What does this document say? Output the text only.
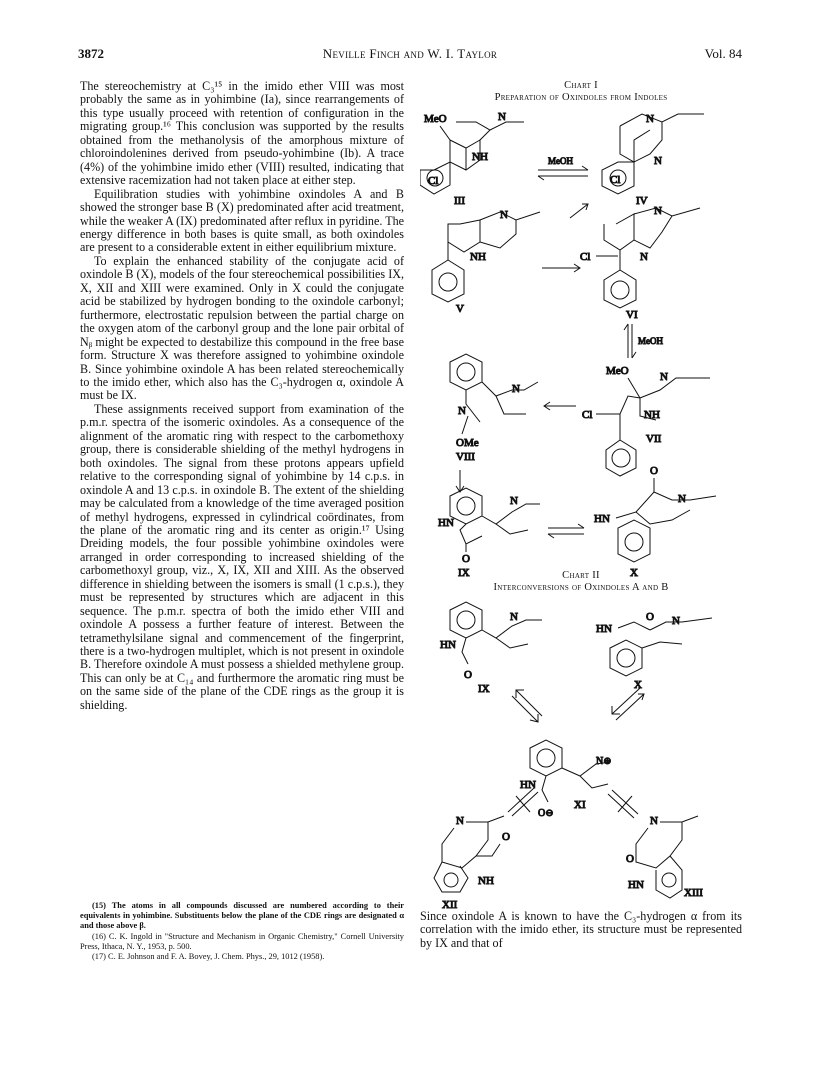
3872	Neville Finch and W. I. Taylor	Vol. 84

The stereochemistry at C₃¹⁵ in the imido ether VIII was most probably the same as in yohimbine (Ia), since rearrangements of this type usually proceed with retention of configuration in the migrating group.¹⁶ This conclusion was supported by the results obtained from the methanolysis of the amorphous mixture of chloroindolenines derived from pseudo-yohimbine (Ib). A trace (4%) of the yohimbine imido ether (VIII) resulted, indicating that extensive racemization had not taken place at either step.

Equilibration studies with yohimbine oxindoles A and B showed the stronger base B (X) predominated after acid treatment, while the weaker A (IX) predominated after reflux in pyridine. The energy difference in both bases is quite small, as both oxindoles are present to a considerable extent in either equilibrium mixture.

To explain the enhanced stability of the conjugate acid of oxindole B (X), models of the four stereochemical possibilities IX, X, XII and XIII were examined. Only in X could the conjugate acid be stabilized by hydrogen bonding to the oxindole carbonyl; furthermore, electrostatic repulsion between the partial charge on the oxygen atom of the carbonyl group and the lone pair orbital of Nᵦ might be expected to destabilize this compound in the free base form. Structure X was therefore assigned to yohimbine oxindole B. Since yohimbine oxindole A has been related stereochemically to the imido ether, which also has the C₃-hydrogen α, oxindole A must be IX.

These assignments received support from examination of the p.m.r. spectra of the isomeric oxindoles. As a consequence of the alignment of the aromatic ring with respect to the carbomethoxy group, there is considerable shielding of the methyl hydrogens in both oxindoles. The signal from these protons appears upfield relative to the corresponding signal of yohimbine by 14 c.p.s. in oxindole A and 13 c.p.s. in oxindole B. The extent of the shielding may be calculated from a knowledge of the time averaged position of methyl hydrogens, expressed in cylindrical coördinates, from the plane of the aromatic ring and its center as origin.¹⁷ Using Dreiding models, the four possible yohimbine oxindoles were arranged in order corresponding to increased shielding of the carbomethoxyl group, viz., X, IX, XII and XIII. As the observed difference in shielding between the isomers is small (1 c.p.s.), they must be represented by structures which are adjacent in this sequence. The p.m.r. spectra of both the imido ether VIII and oxindole A possess a further feature of interest. Between the tetramethylsilane signal and commencement of the fingerprint, there is a two-hydrogen multiplet, which is not present in oxindole B. Therefore oxindole A must possess a shielded methylene group. This can only be at C₁₄ and furthermore the aromatic ring must be on the same side of the plane of the CDE rings as the group it is shielding.

(15) The atoms in all compounds discussed are numbered according to their equivalents in yohimbine. Substituents below the plane of the CDE rings are designated α and those above β.

(16) C. K. Ingold in "Structure and Mechanism in Organic Chemistry," Cornell University Press, Ithaca, N. Y., 1953, p. 500.

(17) C. E. Johnson and F. A. Bovey, J. Chem. Phys., 29, 1012 (1958).

Chart I
Preparation of Oxindoles from Indoles
Chart II
Interconversions of Oxindoles A and B
MeO	N
NH
Cl
III
MeOH
N
N
Cl
IV
N
NH
V
N
Cl	N
VI
MeOH
MeO	N
Cl	NH
VII
N
N
OMe
VIII
N
HN
O
IX
O
N
HN
X
N
HN
O
IX
HN
O N
X
N⊕
HN
O⊖
XI
N
O
NH
XII
N
O
HN
XIII

Since oxindole A is known to have the C₃-hydrogen α from its correlation with the imido ether, its structure must be represented by IX and that of
